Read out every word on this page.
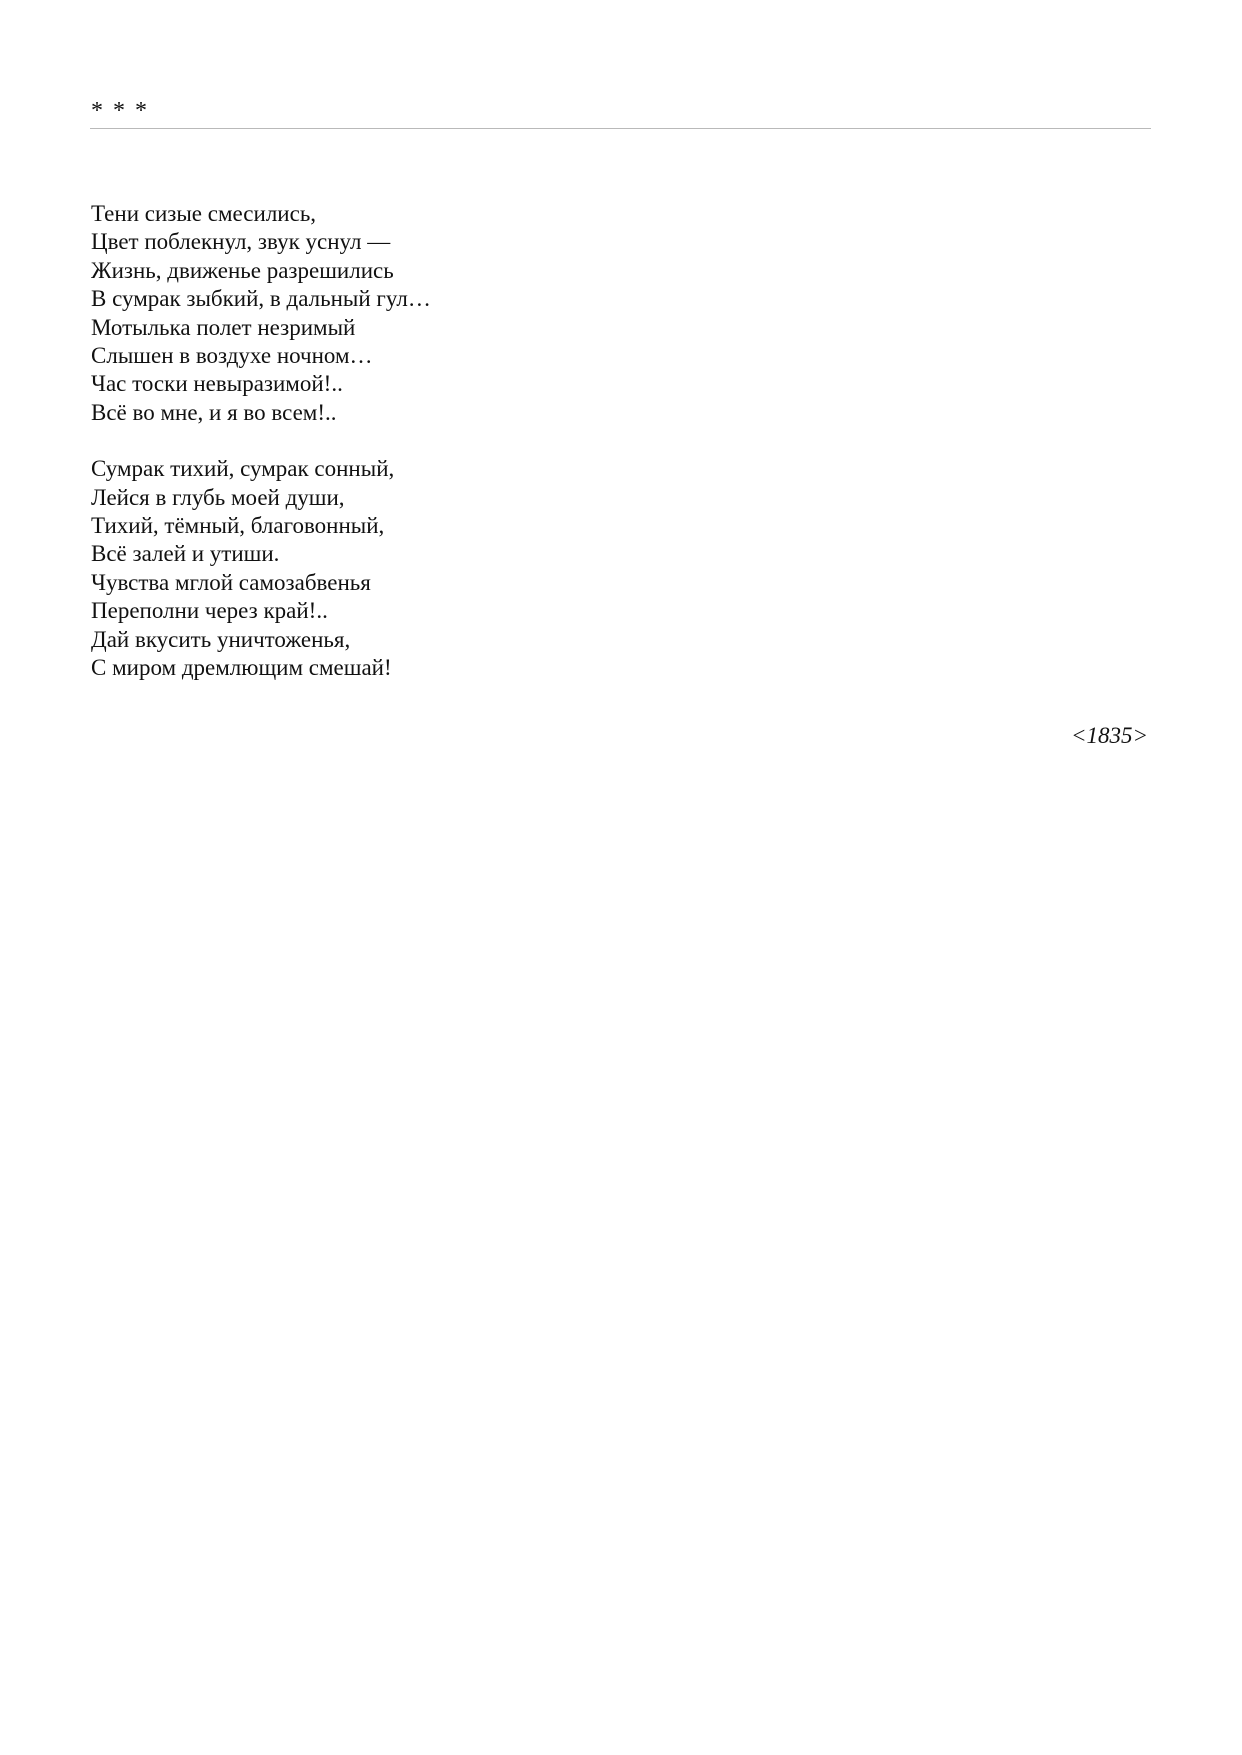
* * *
Тени сизые смесились,
Цвет поблекнул, звук уснул —
Жизнь, движенье разрешились
В сумрак зыбкий, в дальный гул…
Мотылька полет незримый
Слышен в воздухе ночном…
Час тоски невыразимой!..
Всё во мне, и я во всем!..
Сумрак тихий, сумрак сонный,
Лейся в глубь моей души,
Тихий, тёмный, благовонный,
Всё залей и утиши.
Чувства мглой самозабвенья
Переполни через край!..
Дай вкусить уничтоженья,
С миром дремлющим смешай!
<1835>
